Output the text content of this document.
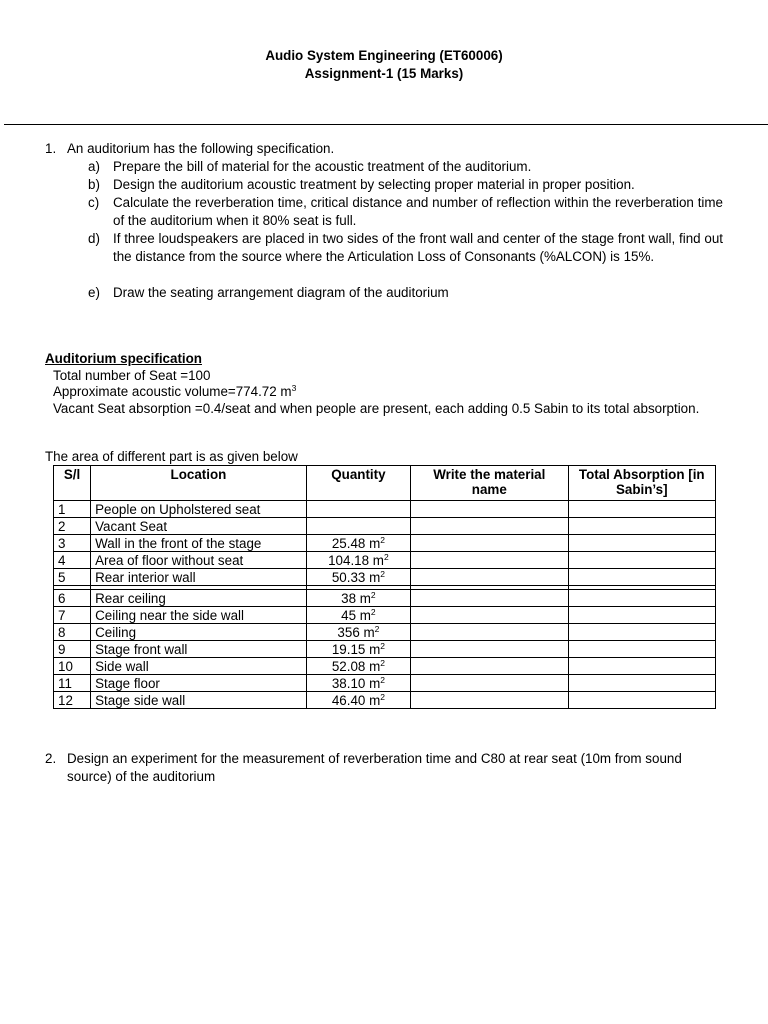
Audio System Engineering (ET60006)
Assignment-1 (15 Marks)
1. An auditorium has the following specification.
a) Prepare the bill of material for the acoustic treatment of the auditorium.
b) Design the auditorium acoustic treatment by selecting proper material in proper position.
c) Calculate the reverberation time, critical distance and number of reflection within the reverberation time of the auditorium when it 80% seat is full.
d) If three loudspeakers are placed in two sides of the front wall and center of the stage front wall, find out the distance from the source where the Articulation Loss of Consonants (%ALCON) is 15%.
e) Draw the seating arrangement diagram of the auditorium
Auditorium specification
Total number of Seat =100
Approximate acoustic volume=774.72 $m^3$
Vacant Seat absorption =0.4/seat and when people are present, each adding 0.5 Sabin to its total absorption.
The area of different part is as given below
S/l	Location	Quantity	Write the material name	Total Absorption [in Sabin’s]
1	People on Upholstered seat			
2	Vacant Seat			
3	Wall in the front of the stage	25.48 $m^2$		
4	Area of floor without seat	104.18 $m^2$		
5	Rear interior wall	50.33 $m^2$		

6	Rear ceiling	38 $m^2$		
7	Ceiling near the side wall	45 $m^2$		
8	Ceiling	356 $m^2$		
9	Stage front wall	19.15 $m^2$		
10	Side wall	52.08 $m^2$		
11	Stage floor	38.10 $m^2$		
12	Stage side wall	46.40 $m^2$		
2. Design an experiment for the measurement of reverberation time and C80 at rear seat (10m from sound source) of the auditorium
